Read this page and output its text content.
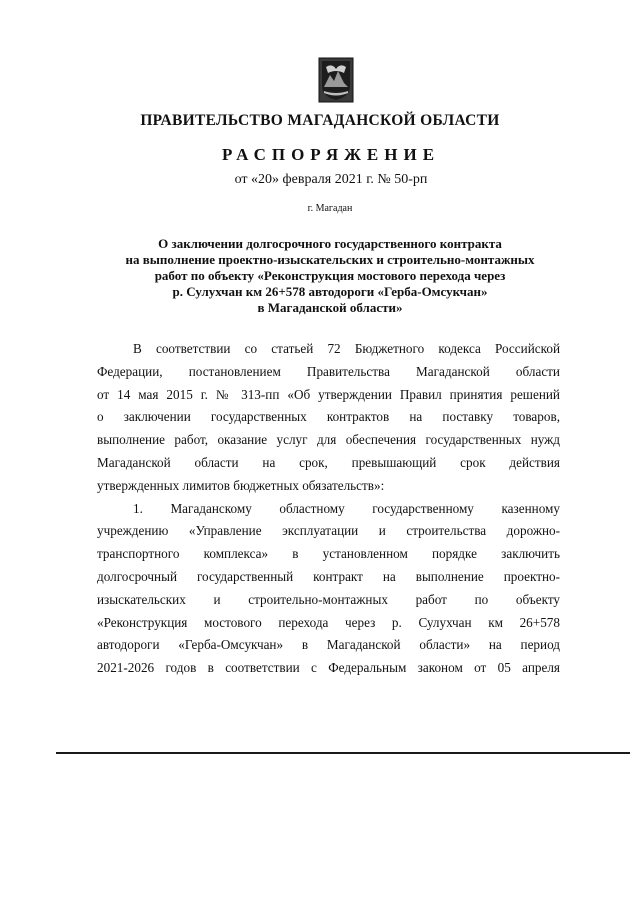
ПРАВИТЕЛЬСТВО МАГАДАНСКОЙ ОБЛАСТИ
РАСПОРЯЖЕНИЕ
от «20» февраля 2021 г. № 50-рп
г. Магадан
О заключении долгосрочного государственного контракта
на выполнение проектно-изыскательских и строительно-монтажных
работ по объекту «Реконструкция мостового перехода через
р. Сулухчан км 26+578 автодороги «Герба-Омсукчан»
в Магаданской области»
В соответствии со статьей 72 Бюджетного кодекса Российской
Федерации, постановлением Правительства Магаданской области
от 14 мая 2015 г. № 313-пп «Об утверждении Правил принятия решений
о заключении государственных контрактов на поставку товаров,
выполнение работ, оказание услуг для обеспечения государственных нужд
Магаданской области на срок, превышающий срок действия
утвержденных лимитов бюджетных обязательств»:
1. Магаданскому областному государственному казенному
учреждению «Управление эксплуатации и строительства дорожно-
транспортного комплекса» в установленном порядке заключить
долгосрочный государственный контракт на выполнение проектно-
изыскательских и строительно-монтажных работ по объекту
«Реконструкция мостового перехода через р. Сулухчан км 26+578
автодороги «Герба-Омсукчан» в Магаданской области» на период
2021-2026 годов в соответствии с Федеральным законом от 05 апреля
